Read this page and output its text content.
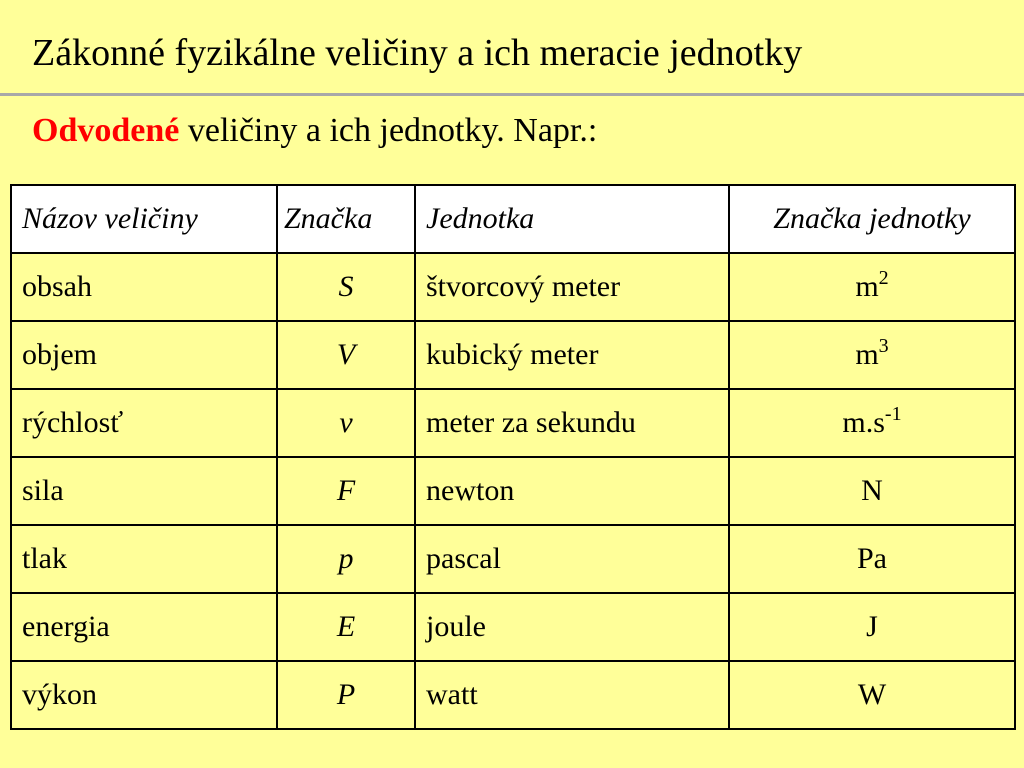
Zákonné fyzikálne veličiny a ich meracie jednotky
Odvodené veličiny a ich jednotky. Napr.:
Názov veličiny	Značka	Jednotka	Značka jednotky
obsah	S	štvorcový meter	$m^2$
objem	V	kubický meter	$m^3$
rýchlosť	v	meter za sekundu	$m.s^{-1}$
sila	F	newton	N
tlak	p	pascal	Pa
energia	E	joule	J
výkon	P	watt	W
